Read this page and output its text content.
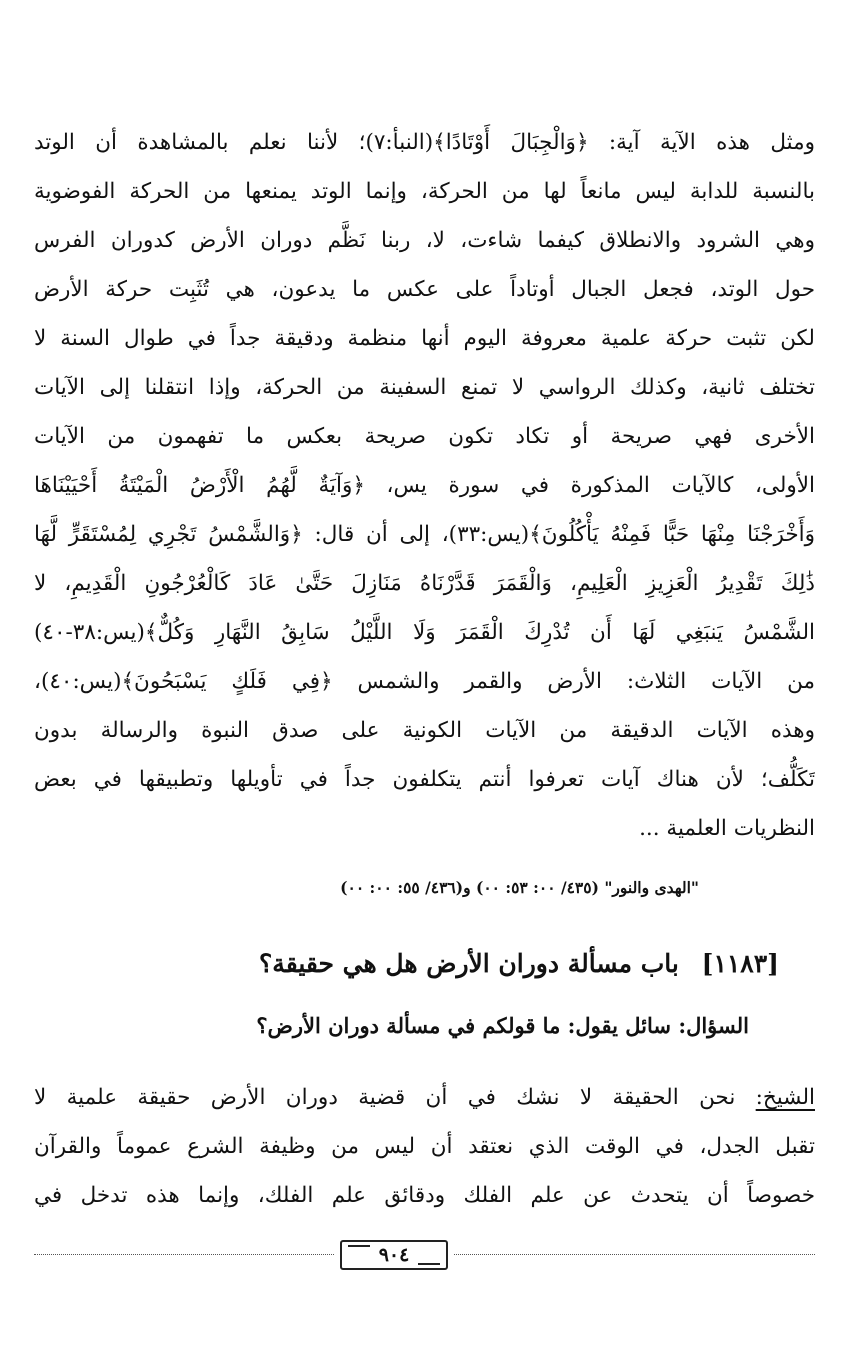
ومثل هذه الآية آية: ﴿وَالْجِبَالَ أَوْتَادًا﴾(النبأ:٧)؛ لأننا نعلم بالمشاهدة أن الوتد
بالنسبة للدابة ليس مانعاً لها من الحركة، وإنما الوتد يمنعها من الحركة الفوضوية
وهي الشرود والانطلاق كيفما شاءت، لا، ربنا نَظَّم دوران الأرض كدوران الفرس
حول الوتد، فجعل الجبال أوتاداً على عكس ما يدعون، هي تُثَبِت حركة الأرض
لكن تثبت حركة علمية معروفة اليوم أنها منظمة ودقيقة جداً في طوال السنة لا
تختلف ثانية، وكذلك الرواسي لا تمنع السفينة من الحركة، وإذا انتقلنا إلى الآيات
الأخرى فهي صريحة أو تكاد تكون صريحة بعكس ما تفهمون من الآيات
الأولى، كالآيات المذكورة في سورة يس، ﴿وَآيَةٌ لَّهُمُ الْأَرْضُ الْمَيْتَةُ أَحْيَيْنَاهَا
وَأَخْرَجْنَا مِنْهَا حَبًّا فَمِنْهُ يَأْكُلُونَ﴾(يس:٣٣)، إلى أن قال: ﴿وَالشَّمْسُ تَجْرِي لِمُسْتَقَرٍّ لَّهَا
ذَٰلِكَ تَقْدِيرُ الْعَزِيزِ الْعَلِيمِ، وَالْقَمَرَ قَدَّرْنَاهُ مَنَازِلَ حَتَّىٰ عَادَ كَالْعُرْجُونِ الْقَدِيمِ، لا
الشَّمْسُ يَنبَغِي لَهَا أَن تُدْرِكَ الْقَمَرَ وَلَا اللَّيْلُ سَابِقُ النَّهَارِ وَكُلٌّ﴾(يس:٣٨-٤٠)
من الآيات الثلاث: الأرض والقمر والشمس ﴿فِي فَلَكٍ يَسْبَحُونَ﴾(يس:٤٠)،
وهذه الآيات الدقيقة من الآيات الكونية على صدق النبوة والرسالة بدون
تَكَلُّف؛ لأن هناك آيات تعرفوا أنتم يتكلفون جداً في تأويلها وتطبيقها في بعض
النظريات العلمية ...
"الهدى والنور" (٤٣٥/ ٠٠: ٥٣: ٠٠) و(٤٣٦/ ٥٥: ٠٠: ٠٠)
[١١٨٣] باب مسألة دوران الأرض هل هي حقيقة؟
السؤال: سائل يقول: ما قولكم في مسألة دوران الأرض؟
الشيخ: نحن الحقيقة لا نشك في أن قضية دوران الأرض حقيقة علمية لا
تقبل الجدل، في الوقت الذي نعتقد أن ليس من وظيفة الشرع عموماً والقرآن
خصوصاً أن يتحدث عن علم الفلك ودقائق علم الفلك، وإنما هذه تدخل في
٩٠٤
